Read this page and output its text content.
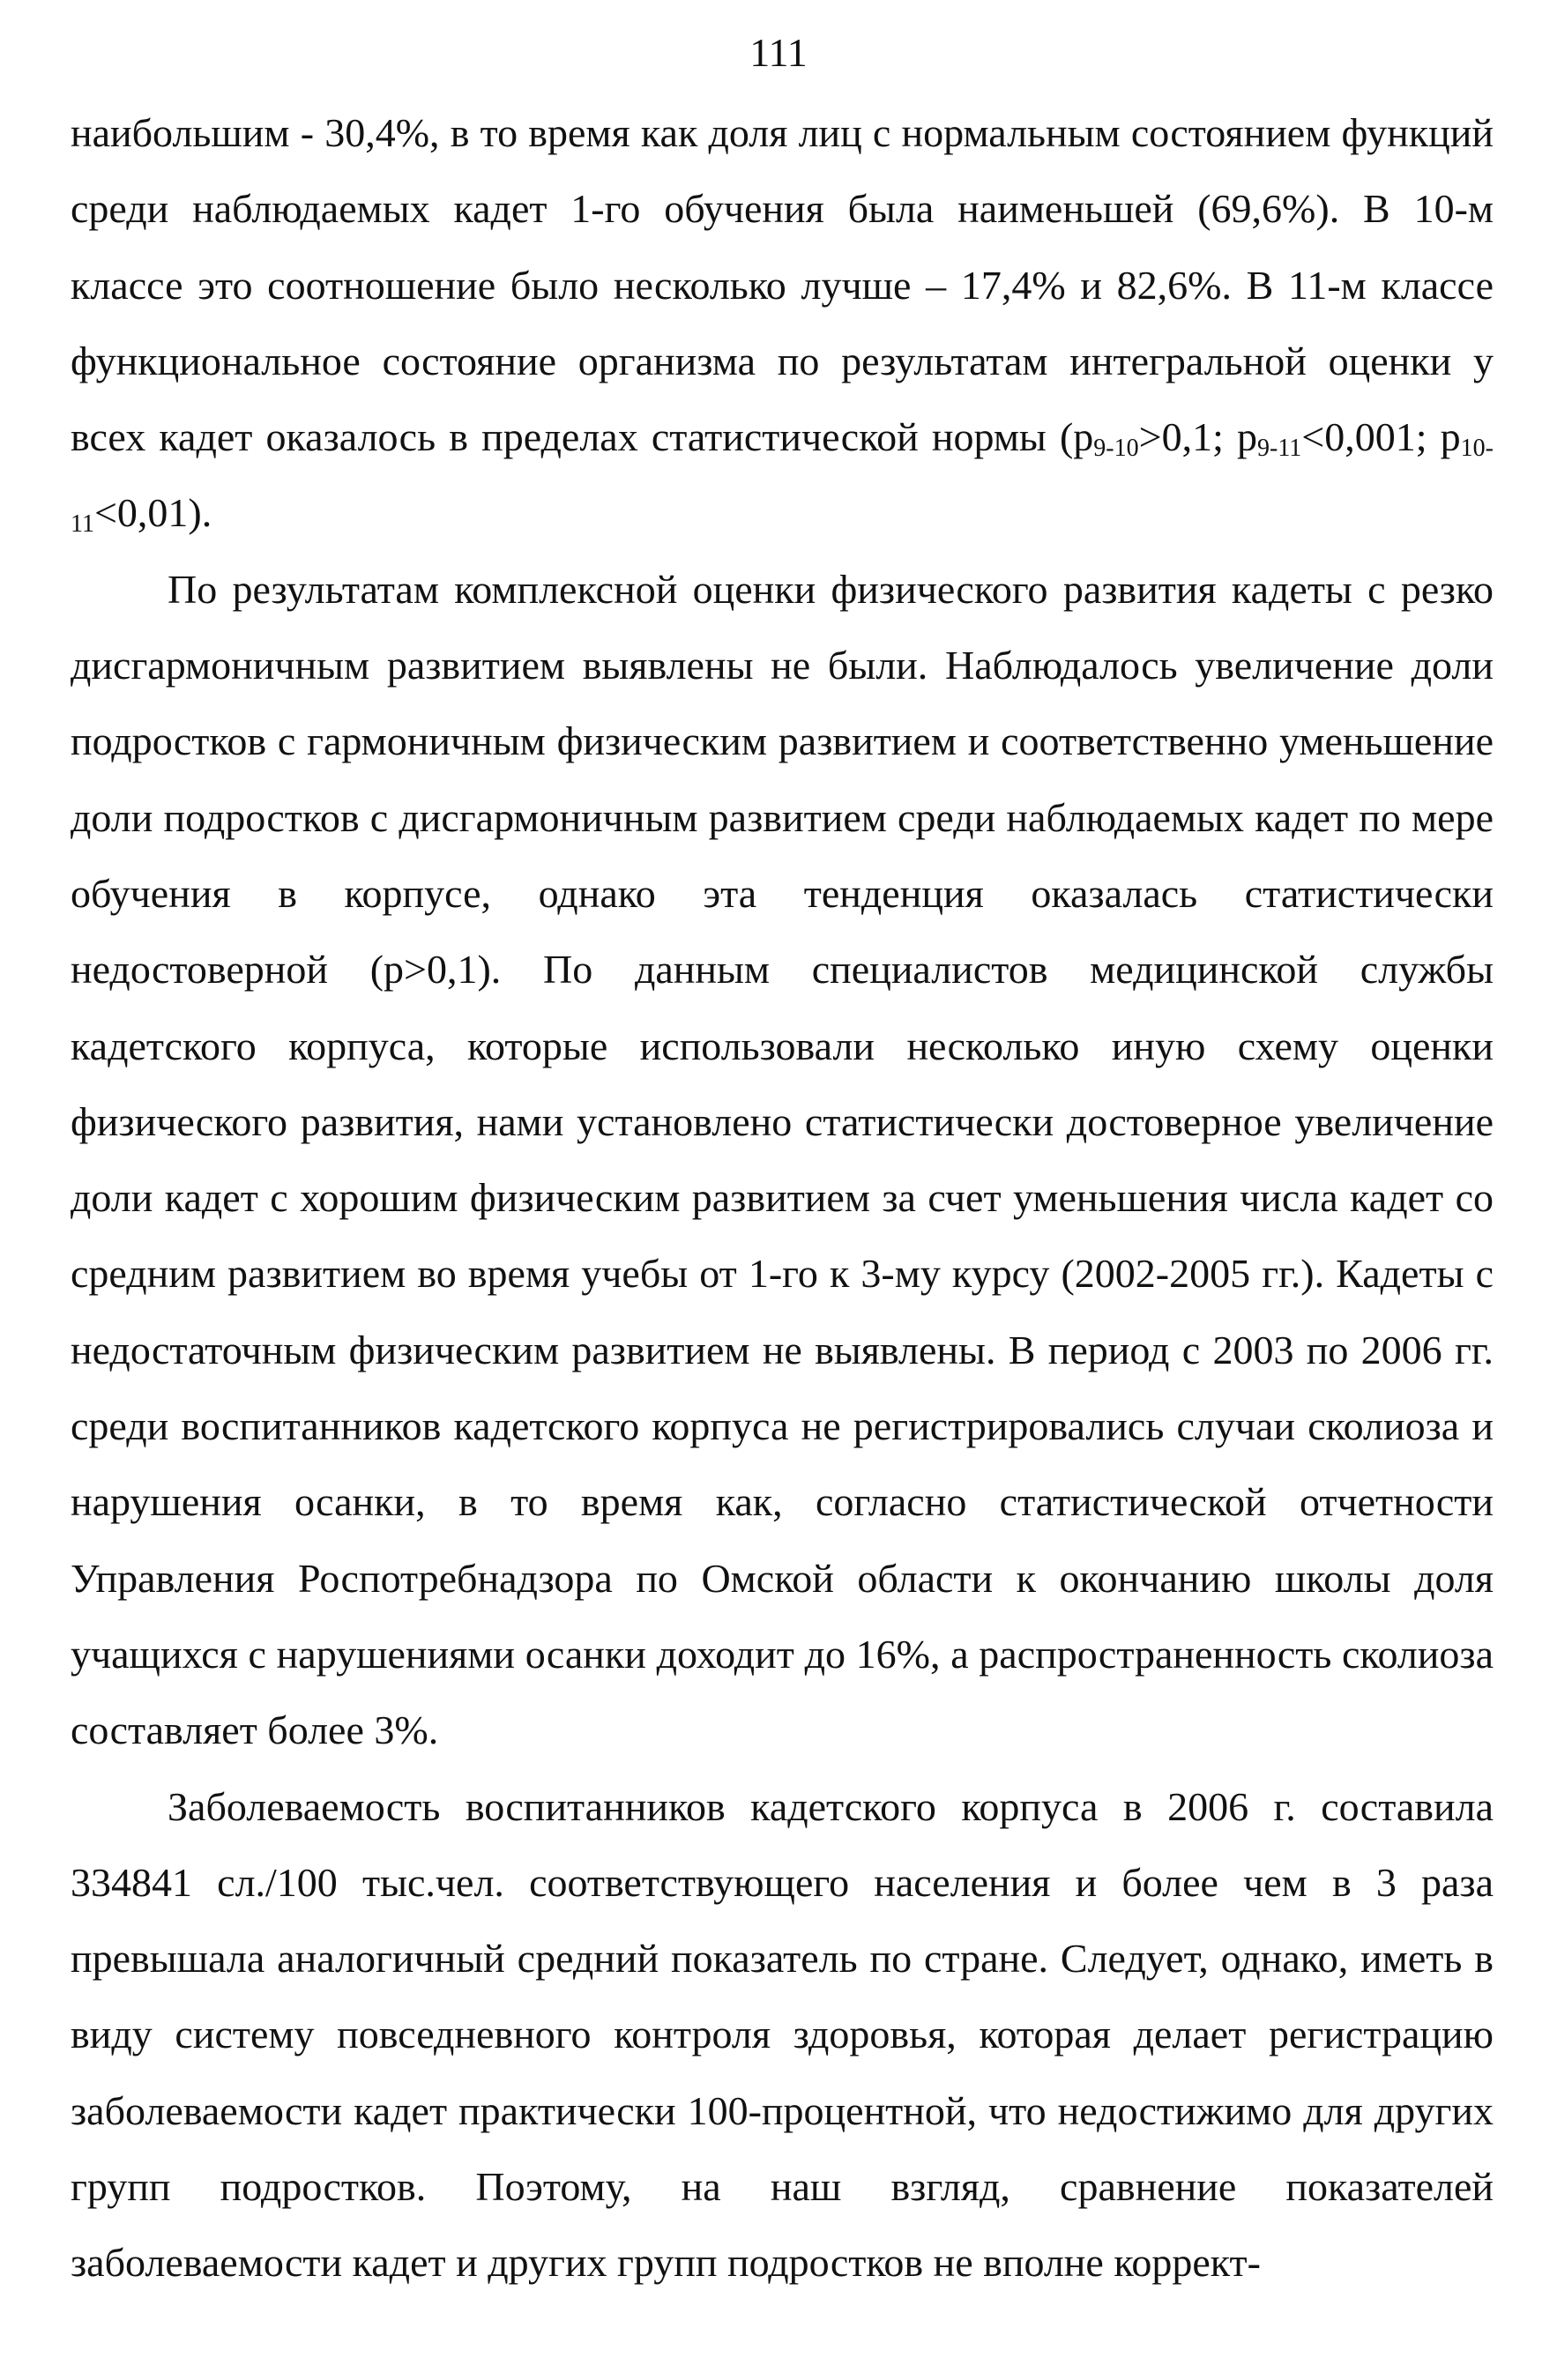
111

наибольшим - 30,4%, в то время как доля лиц с нормальным состоянием функций среди наблюдаемых кадет 1-го обучения была наименьшей (69,6%). В 10-м классе это соотношение было несколько лучше – 17,4% и 82,6%. В 11-м классе функциональное состояние организма по результатам интегральной оценки у всех кадет оказалось в пределах статистической нормы ($р_{9-10}>0,1$; $р_{9-11}<0,001$; $р_{10-11}<0,01$).

По результатам комплексной оценки физического развития кадеты с резко дисгармоничным развитием выявлены не были. Наблюдалось увеличение доли подростков с гармоничным физическим развитием и соответственно уменьшение доли подростков с дисгармоничным развитием среди наблюдаемых кадет по мере обучения в корпусе, однако эта тенденция оказалась статистически недостоверной (р>0,1). По данным специалистов медицинской службы кадетского корпуса, которые использовали несколько иную схему оценки физического развития, нами установлено статистически достоверное увеличение доли кадет с хорошим физическим развитием за счет уменьшения числа кадет со средним развитием во время учебы от 1-го к 3-му курсу (2002-2005 гг.). Кадеты с недостаточным физическим развитием не выявлены. В период с 2003 по 2006 гг. среди воспитанников кадетского корпуса не регистрировались случаи сколиоза и нарушения осанки, в то время как, согласно статистической отчетности Управления Роспотребнадзора по Омской области к окончанию школы доля учащихся с нарушениями осанки доходит до 16%, а распространенность сколиоза составляет более 3%.

Заболеваемость воспитанников кадетского корпуса в 2006 г. составила 334841 сл./100 тыс.чел. соответствующего населения и более чем в 3 раза превышала аналогичный средний показатель по стране. Следует, однако, иметь в виду систему повседневного контроля здоровья, которая делает регистрацию заболеваемости кадет практически 100-процентной, что недостижимо для других групп подростков. Поэтому, на наш взгляд, сравнение показателей заболеваемости кадет и других групп подростков не вполне коррект-
